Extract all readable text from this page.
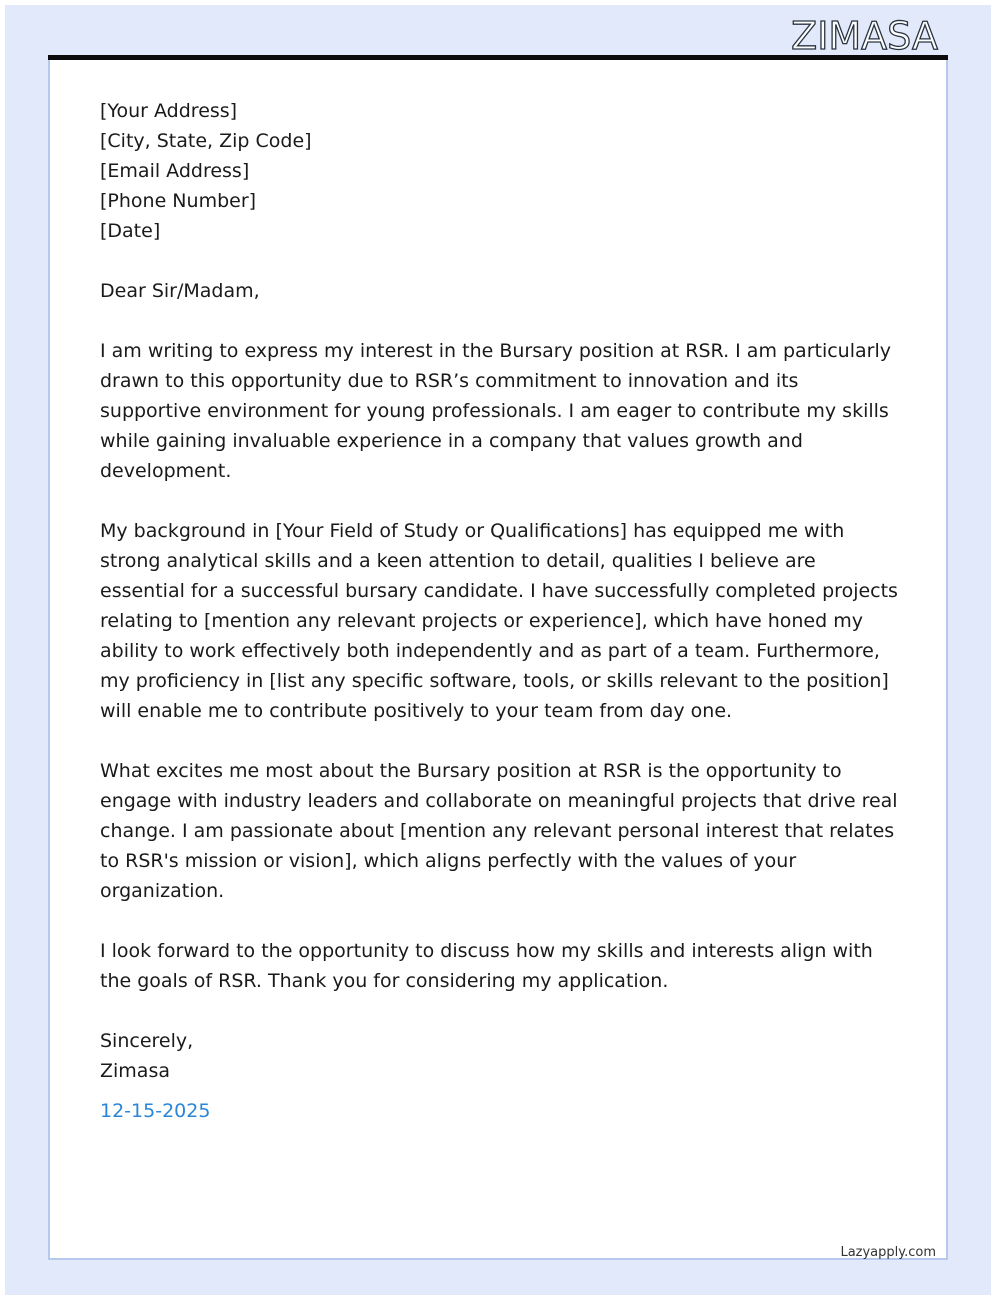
ZIMASA
[Your Address]
[City, State, Zip Code]
[Email Address]
[Phone Number]
[Date]

Dear Sir/Madam,

I am writing to express my interest in the Bursary position at RSR. I am particularly drawn to this opportunity due to RSR’s commitment to innovation and its supportive environment for young professionals. I am eager to contribute my skills while gaining invaluable experience in a company that values growth and development.

My background in [Your Field of Study or Qualifications] has equipped me with strong analytical skills and a keen attention to detail, qualities I believe are essential for a successful bursary candidate. I have successfully completed projects relating to [mention any relevant projects or experience], which have honed my ability to work effectively both independently and as part of a team. Furthermore, my proficiency in [list any specific software, tools, or skills relevant to the position] will enable me to contribute positively to your team from day one.

What excites me most about the Bursary position at RSR is the opportunity to engage with industry leaders and collaborate on meaningful projects that drive real change. I am passionate about [mention any relevant personal interest that relates to RSR's mission or vision], which aligns perfectly with the values of your organization.

I look forward to the opportunity to discuss how my skills and interests align with the goals of RSR. Thank you for considering my application.

Sincerely,
Zimasa
12-15-2025
Lazyapply.com
